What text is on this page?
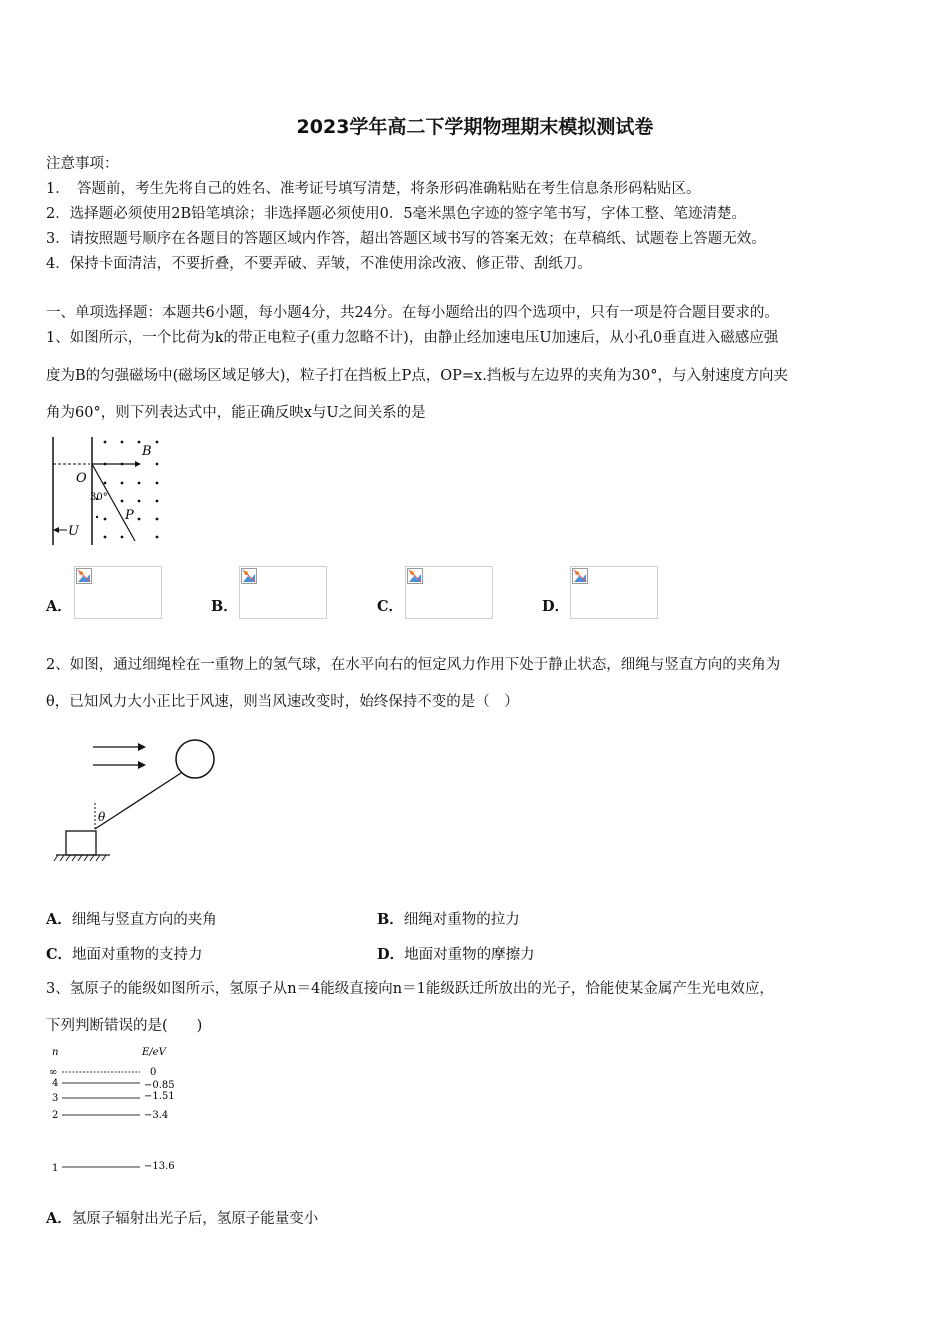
2023学年高二下学期物理期末模拟测试卷
注意事项：
1．　答题前，考生先将自己的姓名、准考证号填写清楚，将条形码准确粘贴在考生信息条形码粘贴区。
2．选择题必须使用2B铅笔填涂；非选择题必须使用0．5毫米黑色字迹的签字笔书写，字体工整、笔迹清楚。
3．请按照题号顺序在各题目的答题区域内作答，超出答题区域书写的答案无效；在草稿纸、试题卷上答题无效。
4．保持卡面清洁，不要折叠，不要弄破、弄皱，不准使用涂改液、修正带、刮纸刀。
一、单项选择题：本题共6小题，每小题4分，共24分。在每小题给出的四个选项中，只有一项是符合题目要求的。
1、如图所示，一个比荷为k的带正电粒子(重力忽略不计)，由静止经加速电压U加速后，从小孔0垂直进入磁感应强
度为B的匀强磁场中(磁场区域足够大)，粒子打在挡板上P点，OP=x.挡板与左边界的夹角为30°，与入射速度方向夹
角为60°，则下列表达式中，能正确反映x与U之间关系的是
B
O
30°
P
U
A．	B．	C．	D．
2、如图，通过细绳栓在一重物上的氢气球，在水平向右的恒定风力作用下处于静止状态，细绳与竖直方向的夹角为
θ，已知风力大小正比于风速，则当风速改变时，始终保持不变的是（　）
θ
A．细绳与竖直方向的夹角	B．细绳对重物的拉力
C．地面对重物的支持力	D．地面对重物的摩擦力
3、氢原子的能级如图所示，氢原子从n＝4能级直接向n＝1能级跃迁所放出的光子，恰能使某金属产生光电效应，
下列判断错误的是(　　)
n	E/eV
∞	0
4	−0.85
3	−1.51
2	−3.4
1	−13.6
A．氢原子辐射出光子后，氢原子能量变小
